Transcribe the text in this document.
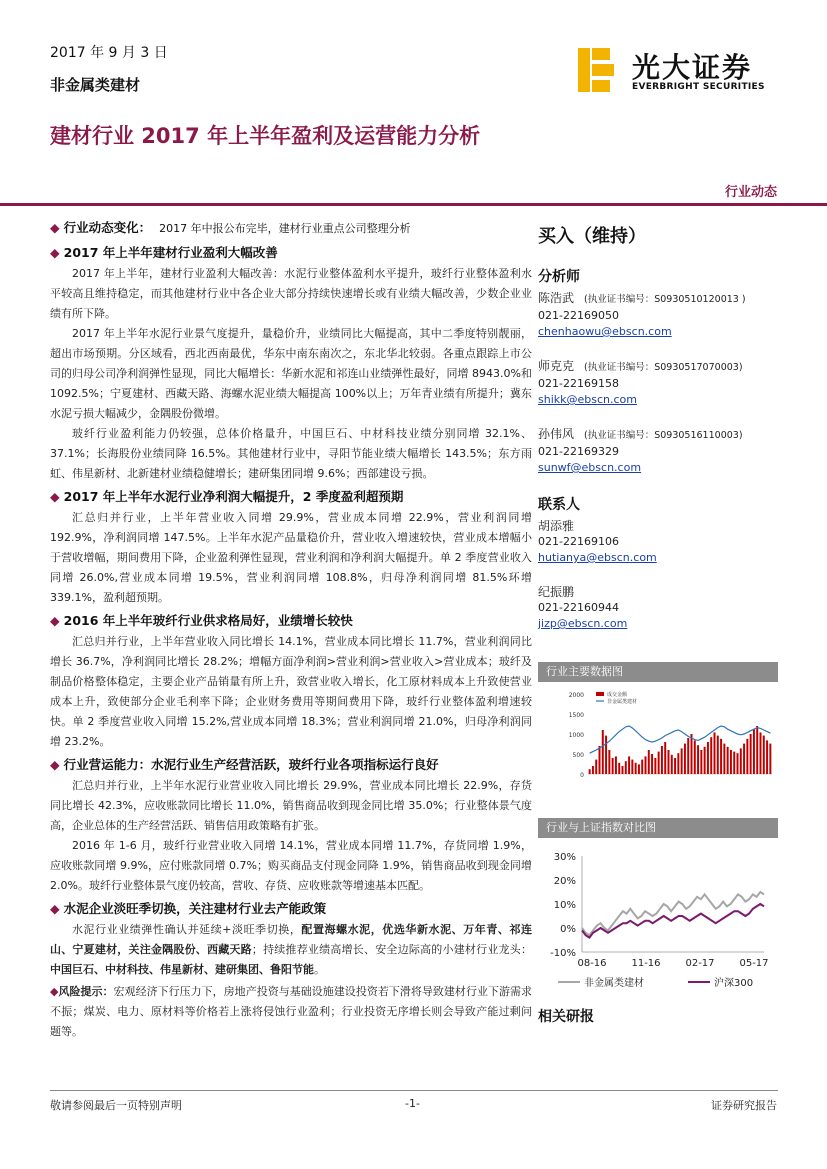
2017 年 9 月 3 日
非金属类建材
光大证券
EVERBRIGHT SECURITIES
建材行业 2017 年上半年盈利及运营能力分析
行业动态
◆ 行业动态变化： 2017 年中报公布完毕，建材行业重点公司整理分析
◆ 2017 年上半年建材行业盈利大幅改善

2017 年上半年，建材行业盈利大幅改善：水泥行业整体盈利水平提升，玻纤行业整体盈利水平较高且维持稳定，而其他建材行业中各企业大部分持续快速增长或有业绩大幅改善，少数企业业绩有所下降。

2017 年上半年水泥行业景气度提升，量稳价升，业绩同比大幅提高，其中二季度特别靓丽，超出市场预期。分区域看，西北西南最优，华东中南东南次之，东北华北较弱。各重点跟踪上市公司的归母公司净利润弹性显现，同比大幅增长：华新水泥和祁连山业绩弹性最好，同增 8943.0%和 1092.5%；宁夏建材、西藏天路、海螺水泥业绩大幅提高 100%以上；万年青业绩有所提升；冀东水泥亏损大幅减少，金隅股份微增。

玻纤行业盈利能力仍较强，总体价格量升，中国巨石、中材科技业绩分别同增 32.1%、37.1%；长海股份业绩同降 16.5%。其他建材行业中，寻阳节能业绩大幅增长 143.5%；东方雨虹、伟星新材、北新建材业绩稳健增长；建研集团同增 9.6%；西部建设亏损。

◆ 2017 年上半年水泥行业净利润大幅提升，2 季度盈利超预期

汇总归并行业，上半年营业收入同增 29.9%，营业成本同增 22.9%，营业利润同增 192.9%，净利润同增 147.5%。上半年水泥产品量稳价升，营业收入增速较快，营业成本增幅小于营收增幅，期间费用下降，企业盈利弹性显现，营业利润和净利润大幅提升。单 2 季度营业收入同增 26.0%,营业成本同增 19.5%，营业利润同增 108.8%，归母净利润同增 81.5%环增 339.1%，盈利超预期。

◆ 2016 年上半年玻纤行业供求格局好，业绩增长较快

汇总归并行业，上半年营业收入同比增长 14.1%，营业成本同比增长 11.7%，营业利润同比增长 36.7%，净利润同比增长 28.2%；增幅方面净利润>营业利润>营业收入>营业成本；玻纤及制品价格整体稳定，主要企业产品销量有所上升，致营业收入增长，化工原材料成本上升致使营业成本上升，致使部分企业毛利率下降；企业财务费用等期间费用下降，玻纤行业整体盈利增速较快。单 2 季度营业收入同增 15.2%,营业成本同增 18.3%；营业利润同增 21.0%，归母净利润同增 23.2%。

◆ 行业营运能力：水泥行业生产经营活跃，玻纤行业各项指标运行良好

汇总归并行业，上半年水泥行业营业收入同比增长 29.9%，营业成本同比增长 22.9%，存货同比增长 42.3%，应收账款同比增长 11.0%，销售商品收到现金同比增 35.0%；行业整体景气度高，企业总体的生产经营活跃、销售信用政策略有扩张。

2016 年 1-6 月，玻纤行业营业收入同增 14.1%，营业成本同增 11.7%，存货同增 1.9%，应收账款同增 9.9%，应付账款同增 0.7%；购买商品支付现金同降 1.9%，销售商品收到现金同增 2.0%。玻纤行业整体景气度仍较高，营收、存货、应收账款等增速基本匹配。

◆ 水泥企业淡旺季切换，关注建材行业去产能政策

水泥行业业绩弹性确认并延续+淡旺季切换，配置海螺水泥，优选华新水泥、万年青、祁连山、宁夏建材，关注金隅股份、西藏天路；持续推荐业绩高增长、安全边际高的小建材行业龙头：中国巨石、中材科技、伟星新材、建研集团、鲁阳节能。

◆风险提示：宏观经济下行压力下，房地产投资与基础设施建设投资若下滑将导致建材行业下游需求不振；煤炭、电力、原材料等价格若上涨将侵蚀行业盈利；行业投资无序增长则会导致产能过剩问题等。

买入（维持）
分析师
陈浩武 (执业证书编号：S0930510120013 )
021-22169050
chenhaowu@ebscn.com
师克克 (执业证书编号：S0930517070003)
021-22169158
shikk@ebscn.com
孙伟风 (执业证书编号：S0930516110003)
021-22169329
sunwf@ebscn.com
联系人
胡添雅
021-22169106
hutianya@ebscn.com
纪振鹏
021-22160944
jizp@ebscn.com
行业主要数据图
2000
1500
1000
500
0
成交金额
非金属类建材
行业与上证指数对比图
30%
20%
10%
0%
-10%
08-16 11-16 02-17 05-17
非金属类建材	沪深300
相关研报
敬请参阅最后一页特别声明	-1-	证券研究报告
